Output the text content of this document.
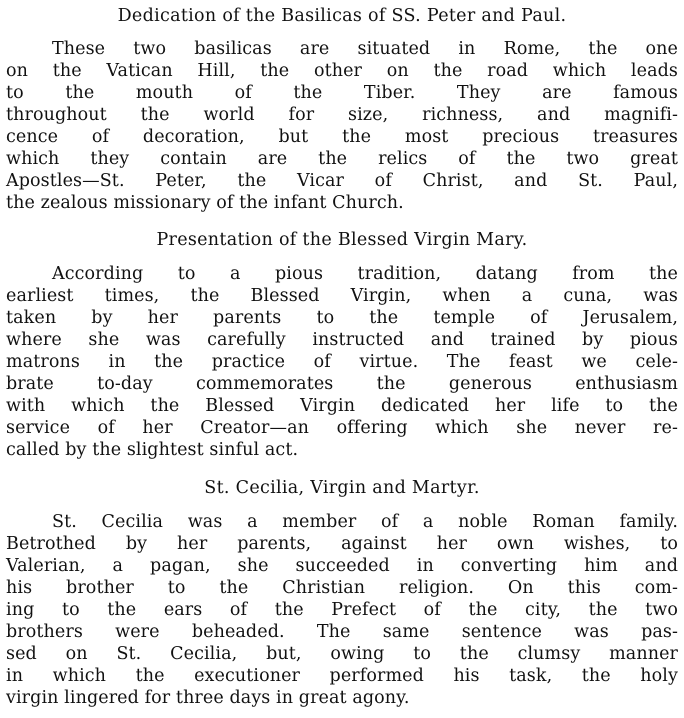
Dedication of the Basilicas of SS. Peter and Paul.
These two basilicas are situated in Rome, the one
on the Vatican Hill, the other on the road which leads
to the mouth of the Tiber. They are famous
throughout the world for size, richness, and magnifi-
cence of decoration, but the most precious treasures
which they contain are the relics of the two great
Apostles—St. Peter, the Vicar of Christ, and St. Paul,
the zealous missionary of the infant Church.
Presentation of the Blessed Virgin Mary.
According to a pious tradition, datang from the
earliest times, the Blessed Virgin, when a cuna, was
taken by her parents to the temple of Jerusalem,
where she was carefully instructed and trained by pious
matrons in the practice of virtue. The feast we cele-
brate to-day commemorates the generous enthusiasm
with which the Blessed Virgin dedicated her life to the
service of her Creator—an offering which she never re-
called by the slightest sinful act.
St. Cecilia, Virgin and Martyr.
St. Cecilia was a member of a noble Roman family.
Betrothed by her parents, against her own wishes, to
Valerian, a pagan, she succeeded in converting him and
his brother to the Christian religion. On this com-
ing to the ears of the Prefect of the city, the two
brothers were beheaded. The same sentence was pas-
sed on St. Cecilia, but, owing to the clumsy manner
in which the executioner performed his task, the holy
virgin lingered for three days in great agony.
